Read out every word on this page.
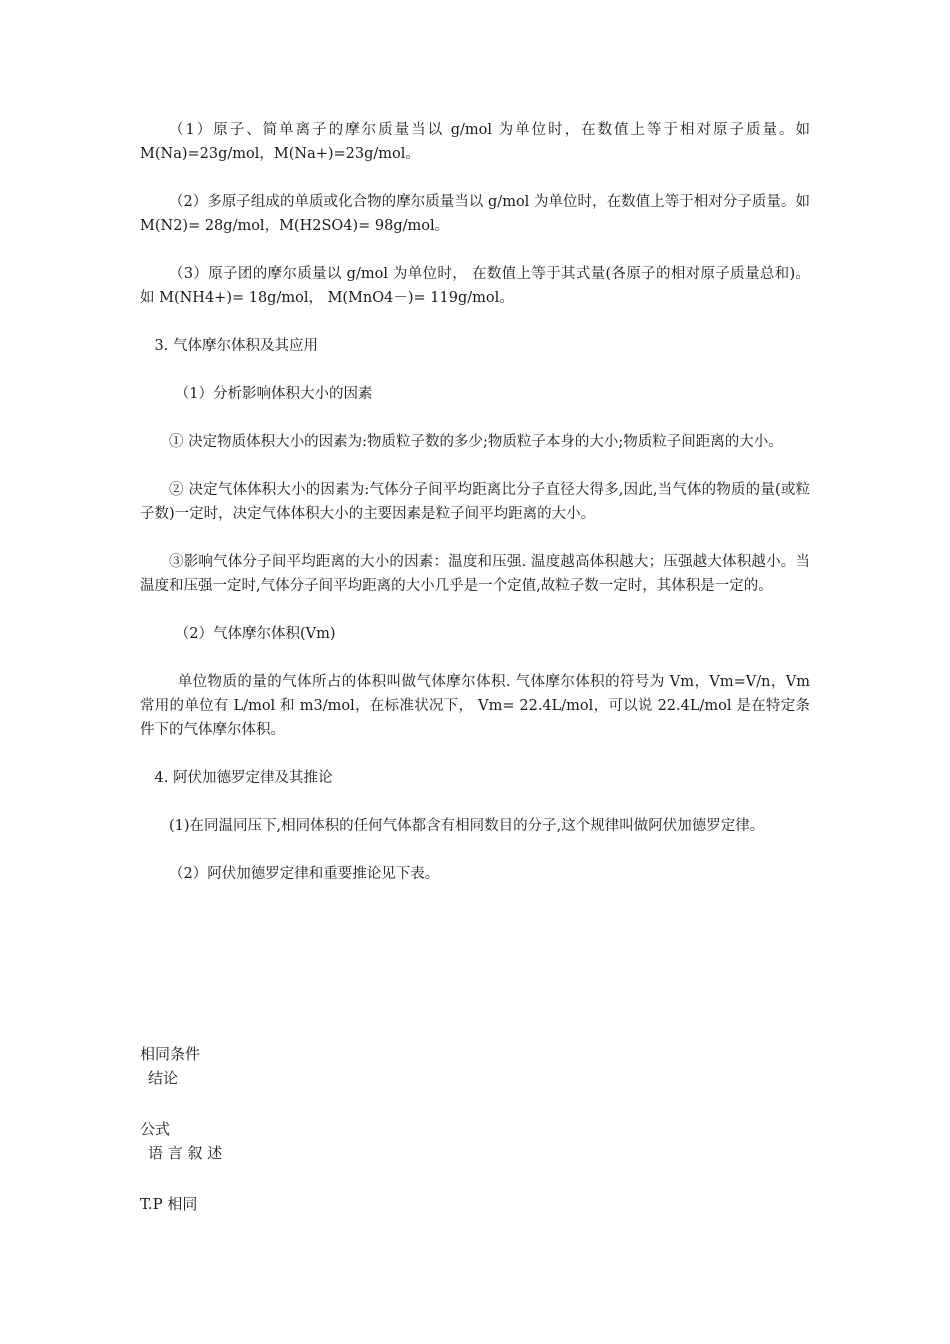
（1）原子、简单离子的摩尔质量当以 g/mol 为单位时，在数值上等于相对原子质量。如 M(Na)=23g/mol，M(Na+)=23g/mol。

（2）多原子组成的单质或化合物的摩尔质量当以 g/mol 为单位时，在数值上等于相对分子质量。如 M(N2)= 28g/mol，M(H2SO4)= 98g/mol。

（3）原子团的摩尔质量以 g/mol 为单位时， 在数值上等于其式量(各原子的相对原子质量总和)。如 M(NH4+)= 18g/mol， M(MnO4－)= 119g/mol。

3. 气体摩尔体积及其应用

（1）分析影响体积大小的因素

① 决定物质体积大小的因素为:物质粒子数的多少;物质粒子本身的大小;物质粒子间距离的大小。

② 决定气体体积大小的因素为:气体分子间平均距离比分子直径大得多,因此,当气体的物质的量(或粒子数)一定时，决定气体体积大小的主要因素是粒子间平均距离的大小。

③影响气体分子间平均距离的大小的因素：温度和压强. 温度越高体积越大；压强越大体积越小。当温度和压强一定时,气体分子间平均距离的大小几乎是一个定值,故粒子数一定时，其体积是一定的。

（2）气体摩尔体积(Vm)

单位物质的量的气体所占的体积叫做气体摩尔体积. 气体摩尔体积的符号为 Vm，Vm=V/n，Vm 常用的单位有 L/mol 和 m3/mol，在标准状况下， Vm= 22.4L/mol，可以说 22.4L/mol 是在特定条件下的气体摩尔体积。

4. 阿伏加德罗定律及其推论

(1)在同温同压下,相同体积的任何气体都含有相同数目的分子,这个规律叫做阿伏加德罗定律。

（2）阿伏加德罗定律和重要推论见下表。

相同条件
结论
公式
语 言 叙 述
T.P 相同
